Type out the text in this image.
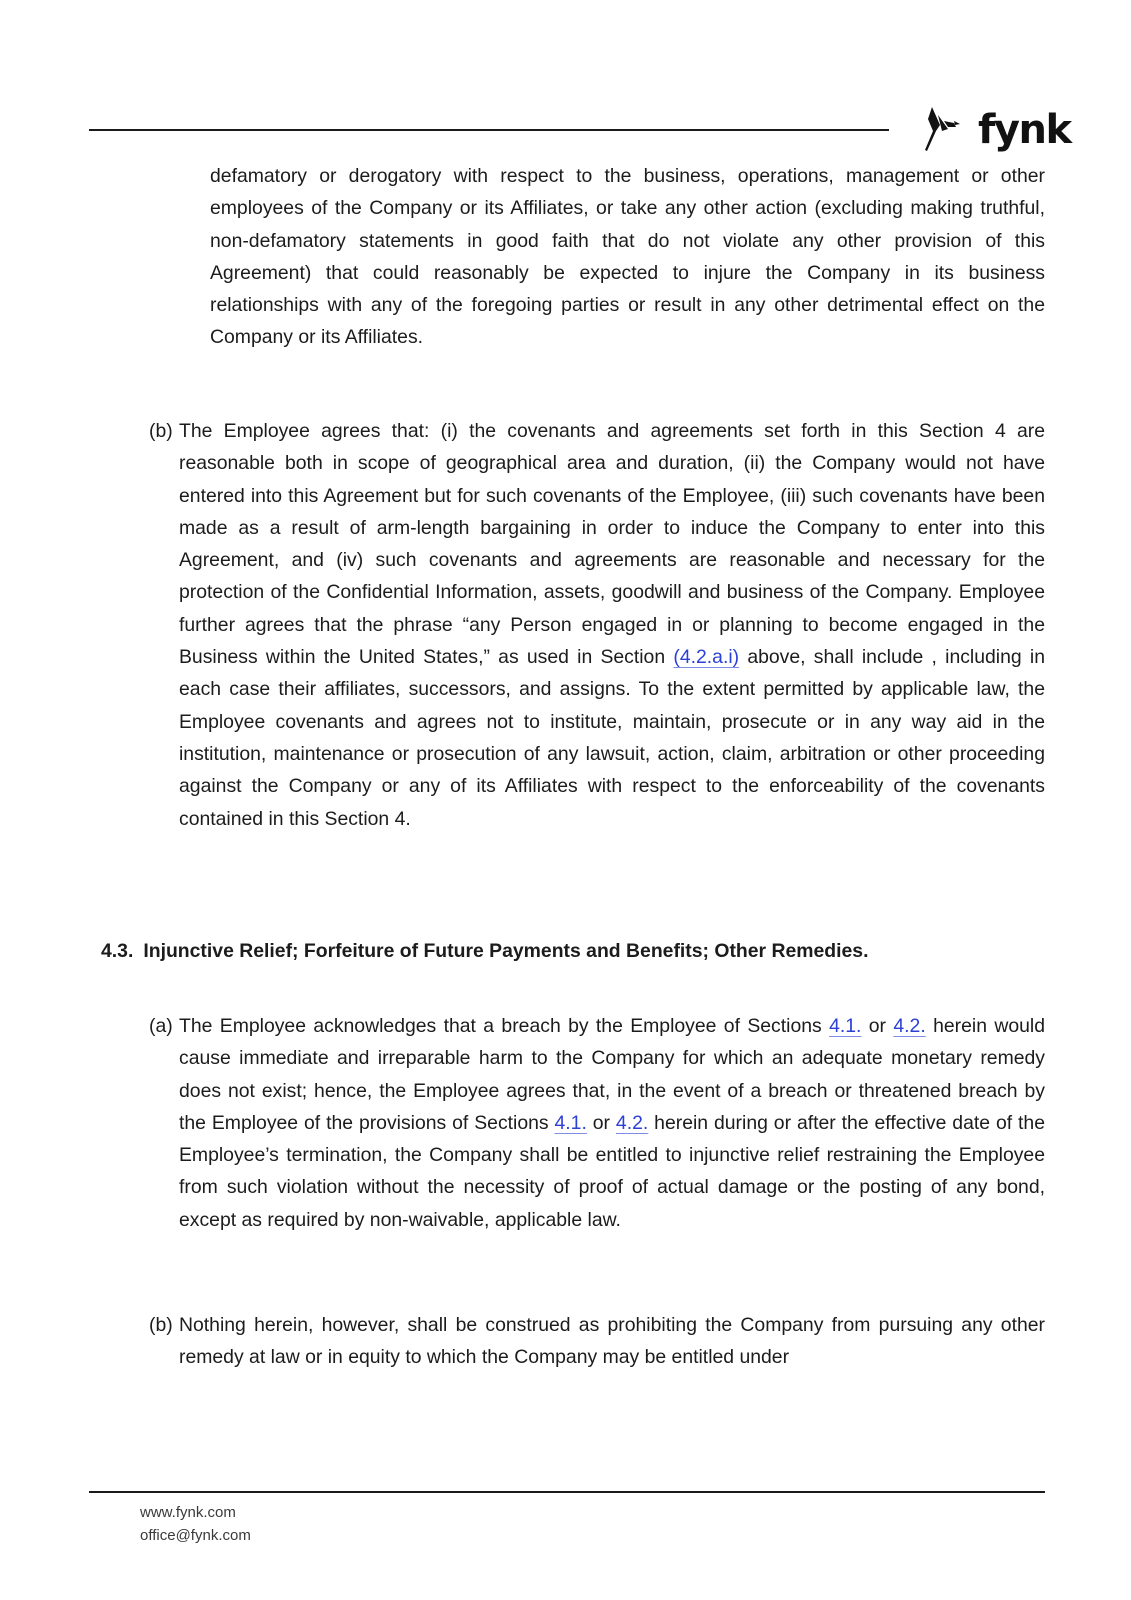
fynk

defamatory or derogatory with respect to the business, operations, management or other employees of the Company or its Affiliates, or take any other action (excluding making truthful, non-defamatory statements in good faith that do not violate any other provision of this Agreement) that could reasonably be expected to injure the Company in its business relationships with any of the foregoing parties or result in any other detrimental effect on the Company or its Affiliates.

(b) The Employee agrees that: (i) the covenants and agreements set forth in this Section 4 are reasonable both in scope of geographical area and duration, (ii) the Company would not have entered into this Agreement but for such covenants of the Employee, (iii) such covenants have been made as a result of arm-length bargaining in order to induce the Company to enter into this Agreement, and (iv) such covenants and agreements are reasonable and necessary for the protection of the Confidential Information, assets, goodwill and business of the Company. Employee further agrees that the phrase “any Person engaged in or planning to become engaged in the Business within the United States,” as used in Section (4.2.a.i) above, shall include , including in each case their affiliates, successors, and assigns. To the extent permitted by applicable law, the Employee covenants and agrees not to institute, maintain, prosecute or in any way aid in the institution, maintenance or prosecution of any lawsuit, action, claim, arbitration or other proceeding against the Company or any of its Affiliates with respect to the enforceability of the covenants contained in this Section 4.

4.3. Injunctive Relief; Forfeiture of Future Payments and Benefits; Other Remedies.

(a) The Employee acknowledges that a breach by the Employee of Sections 4.1. or 4.2. herein would cause immediate and irreparable harm to the Company for which an adequate monetary remedy does not exist; hence, the Employee agrees that, in the event of a breach or threatened breach by the Employee of the provisions of Sections 4.1. or 4.2. herein during or after the effective date of the Employee’s termination, the Company shall be entitled to injunctive relief restraining the Employee from such violation without the necessity of proof of actual damage or the posting of any bond, except as required by non-waivable, applicable law.

(b) Nothing herein, however, shall be construed as prohibiting the Company from pursuing any other remedy at law or in equity to which the Company may be entitled under

www.fynk.com
office@fynk.com
